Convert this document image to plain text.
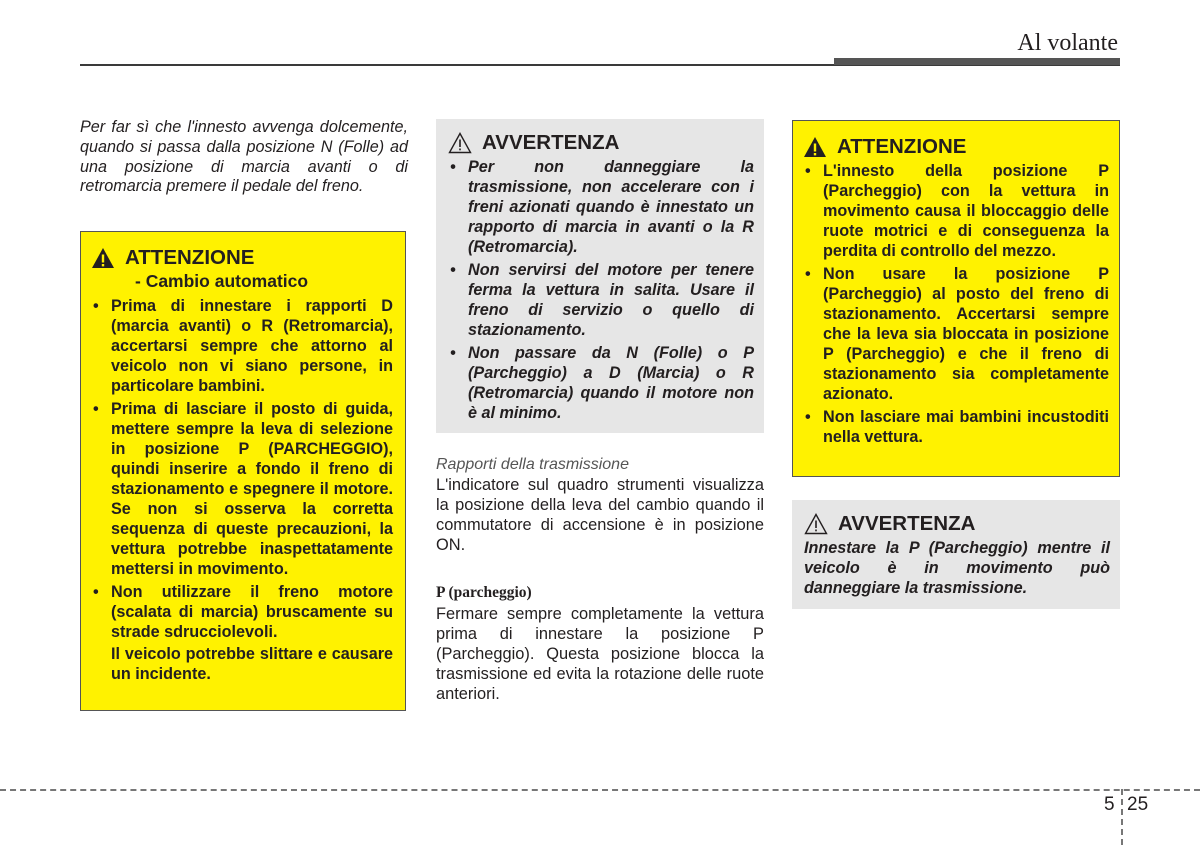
Al volante
Per far sì che l'innesto avvenga dolcemente, quando si passa dalla posizione N (Folle) ad una posizione di marcia avanti o di retromarcia premere il pedale del freno.
ATTENZIONE
- Cambio automatico
• Prima di innestare i rapporti D (marcia avanti) o R (Retromarcia), accertarsi sempre che attorno al veicolo non vi siano persone, in particolare bambini.
• Prima di lasciare il posto di guida, mettere sempre la leva di selezione in posizione P (PARCHEGGIO), quindi inserire a fondo il freno di stazionamento e spegnere il motore. Se non si osserva la corretta sequenza di queste precauzioni, la vettura potrebbe inaspettatamente mettersi in movimento.
• Non utilizzare il freno motore (scalata di marcia) bruscamente su strade sdrucciolevoli.
Il veicolo potrebbe slittare e causare un incidente.
AVVERTENZA
• Per non danneggiare la trasmissione, non accelerare con i freni azionati quando è innestato un rapporto di marcia in avanti o la R (Retromarcia).
• Non servirsi del motore per tenere ferma la vettura in salita. Usare il freno di servizio o quello di stazionamento.
• Non passare da N (Folle) o P (Parcheggio) a D (Marcia) o R (Retromarcia) quando il motore non è al minimo.
Rapporti della trasmissione
L'indicatore sul quadro strumenti visualizza la posizione della leva del cambio quando il commutatore di accensione è in posizione ON.
P (parcheggio)
Fermare sempre completamente la vettura prima di innestare la posizione P (Parcheggio). Questa posizione blocca la trasmissione ed evita la rotazione delle ruote anteriori.
ATTENZIONE
• L'innesto della posizione P (Parcheggio) con la vettura in movimento causa il bloccaggio delle ruote motrici e di conseguenza la perdita di controllo del mezzo.
• Non usare la posizione P (Parcheggio) al posto del freno di stazionamento. Accertarsi sempre che la leva sia bloccata in posizione P (Parcheggio) e che il freno di stazionamento sia completamente azionato.
• Non lasciare mai bambini incustoditi nella vettura.
AVVERTENZA
Innestare la P (Parcheggio) mentre il veicolo è in movimento può danneggiare la trasmissione.
5 25
